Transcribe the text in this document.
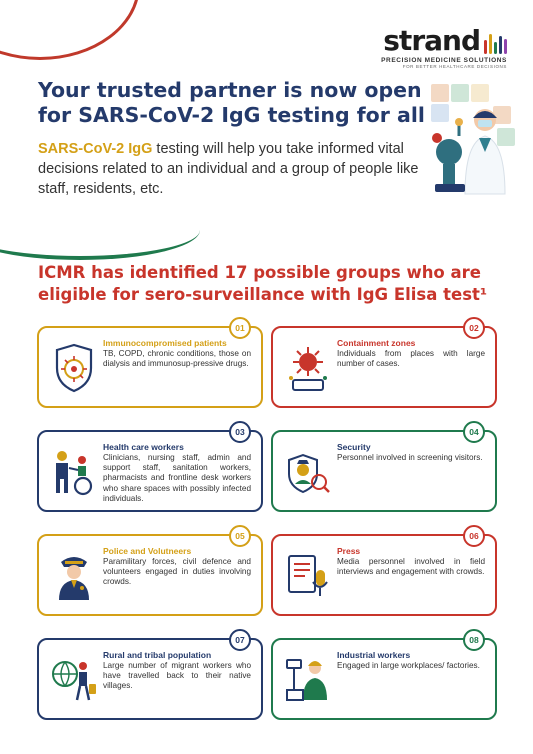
strand
PRECISION MEDICINE SOLUTIONS
FOR BETTER HEALTHCARE DECISIONS
Your trusted partner is now open for SARS-CoV-2 IgG testing for all

SARS-CoV-2 IgG testing will help you take informed vital decisions related to an individual and a group of people like staff, residents, etc.

ICMR has identified 17 possible groups who are eligible for sero-surveillance with IgG Elisa test¹
01
Immunocompromised patients
TB, COPD, chronic conditions, those on dialysis and immunosup-pressive drugs.
02
Containment zones
Individuals from places with large number of cases.
03
Health care workers
Clinicians, nursing staff, admin and support staff, sanitation workers, pharmacists and frontline desk workers who share spaces with possibly infected individuals.
04
Security
Personnel involved in screening visitors.
05
Police and Volutneers
Paramilitary forces, civil defence and volunteers engaged in duties involving crowds.
06
Press
Media personnel involved in field interviews and engagement with crowds.
07
Rural and tribal population
Large number of migrant workers who have travelled back to their native villages.
08
Industrial workers
Engaged in large workplaces/ factories.
